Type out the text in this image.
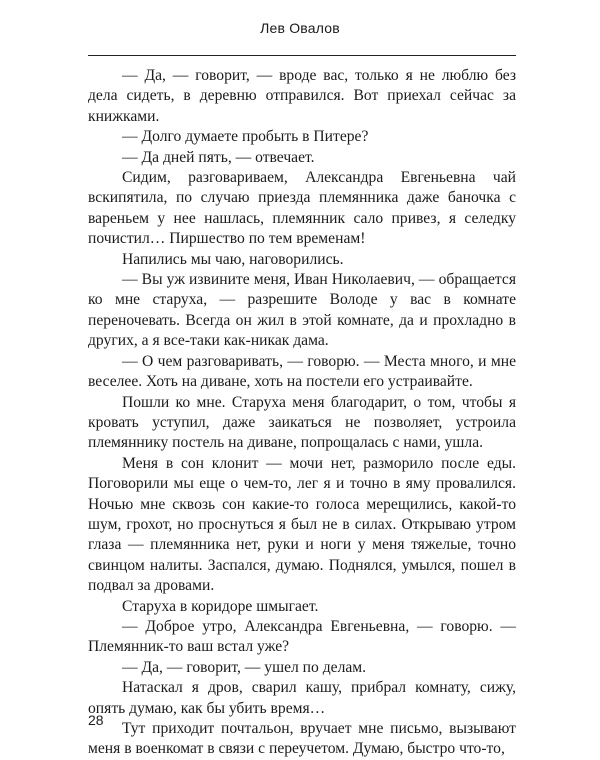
Лев Овалов

— Да, — говорит, — вроде вас, только я не люблю без дела сидеть, в деревню отправился. Вот приехал сейчас за книжками.

— Долго думаете пробыть в Питере?

— Да дней пять, — отвечает.

Сидим, разговариваем, Александра Евгеньевна чай вскипятила, по случаю приезда племянника даже баночка с вареньем у нее нашлась, племянник сало привез, я селедку почистил… Пиршество по тем временам!

Напились мы чаю, наговорились.

— Вы уж извините меня, Иван Николаевич, — обращается ко мне старуха, — разрешите Володе у вас в комнате переночевать. Всегда он жил в этой комнате, да и прохладно в других, а я все-таки как-никак дама.

— О чем разговаривать, — говорю. — Места много, и мне веселее. Хоть на диване, хоть на постели его устраивайте.

Пошли ко мне. Старуха меня благодарит, о том, чтобы я кровать уступил, даже заикаться не позволяет, устроила племяннику постель на диване, попрощалась с нами, ушла.

Меня в сон клонит — мочи нет, разморило после еды. Поговорили мы еще о чем-то, лег я и точно в яму провалился. Ночью мне сквозь сон какие-то голоса мерещились, какой-то шум, грохот, но проснуться я был не в силах. Открываю утром глаза — племянника нет, руки и ноги у меня тяжелые, точно свинцом налиты. Заспался, думаю. Поднялся, умылся, пошел в подвал за дровами.

Старуха в коридоре шмыгает.

— Доброе утро, Александра Евгеньевна, — говорю. — Племянник-то ваш встал уже?

— Да, — говорит, — ушел по делам.

Натаскал я дров, сварил кашу, прибрал комнату, сижу, опять думаю, как бы убить время…

Тут приходит почтальон, вручает мне письмо, вызывают меня в военкомат в связи с переучетом. Думаю, быстро что-то,

28
